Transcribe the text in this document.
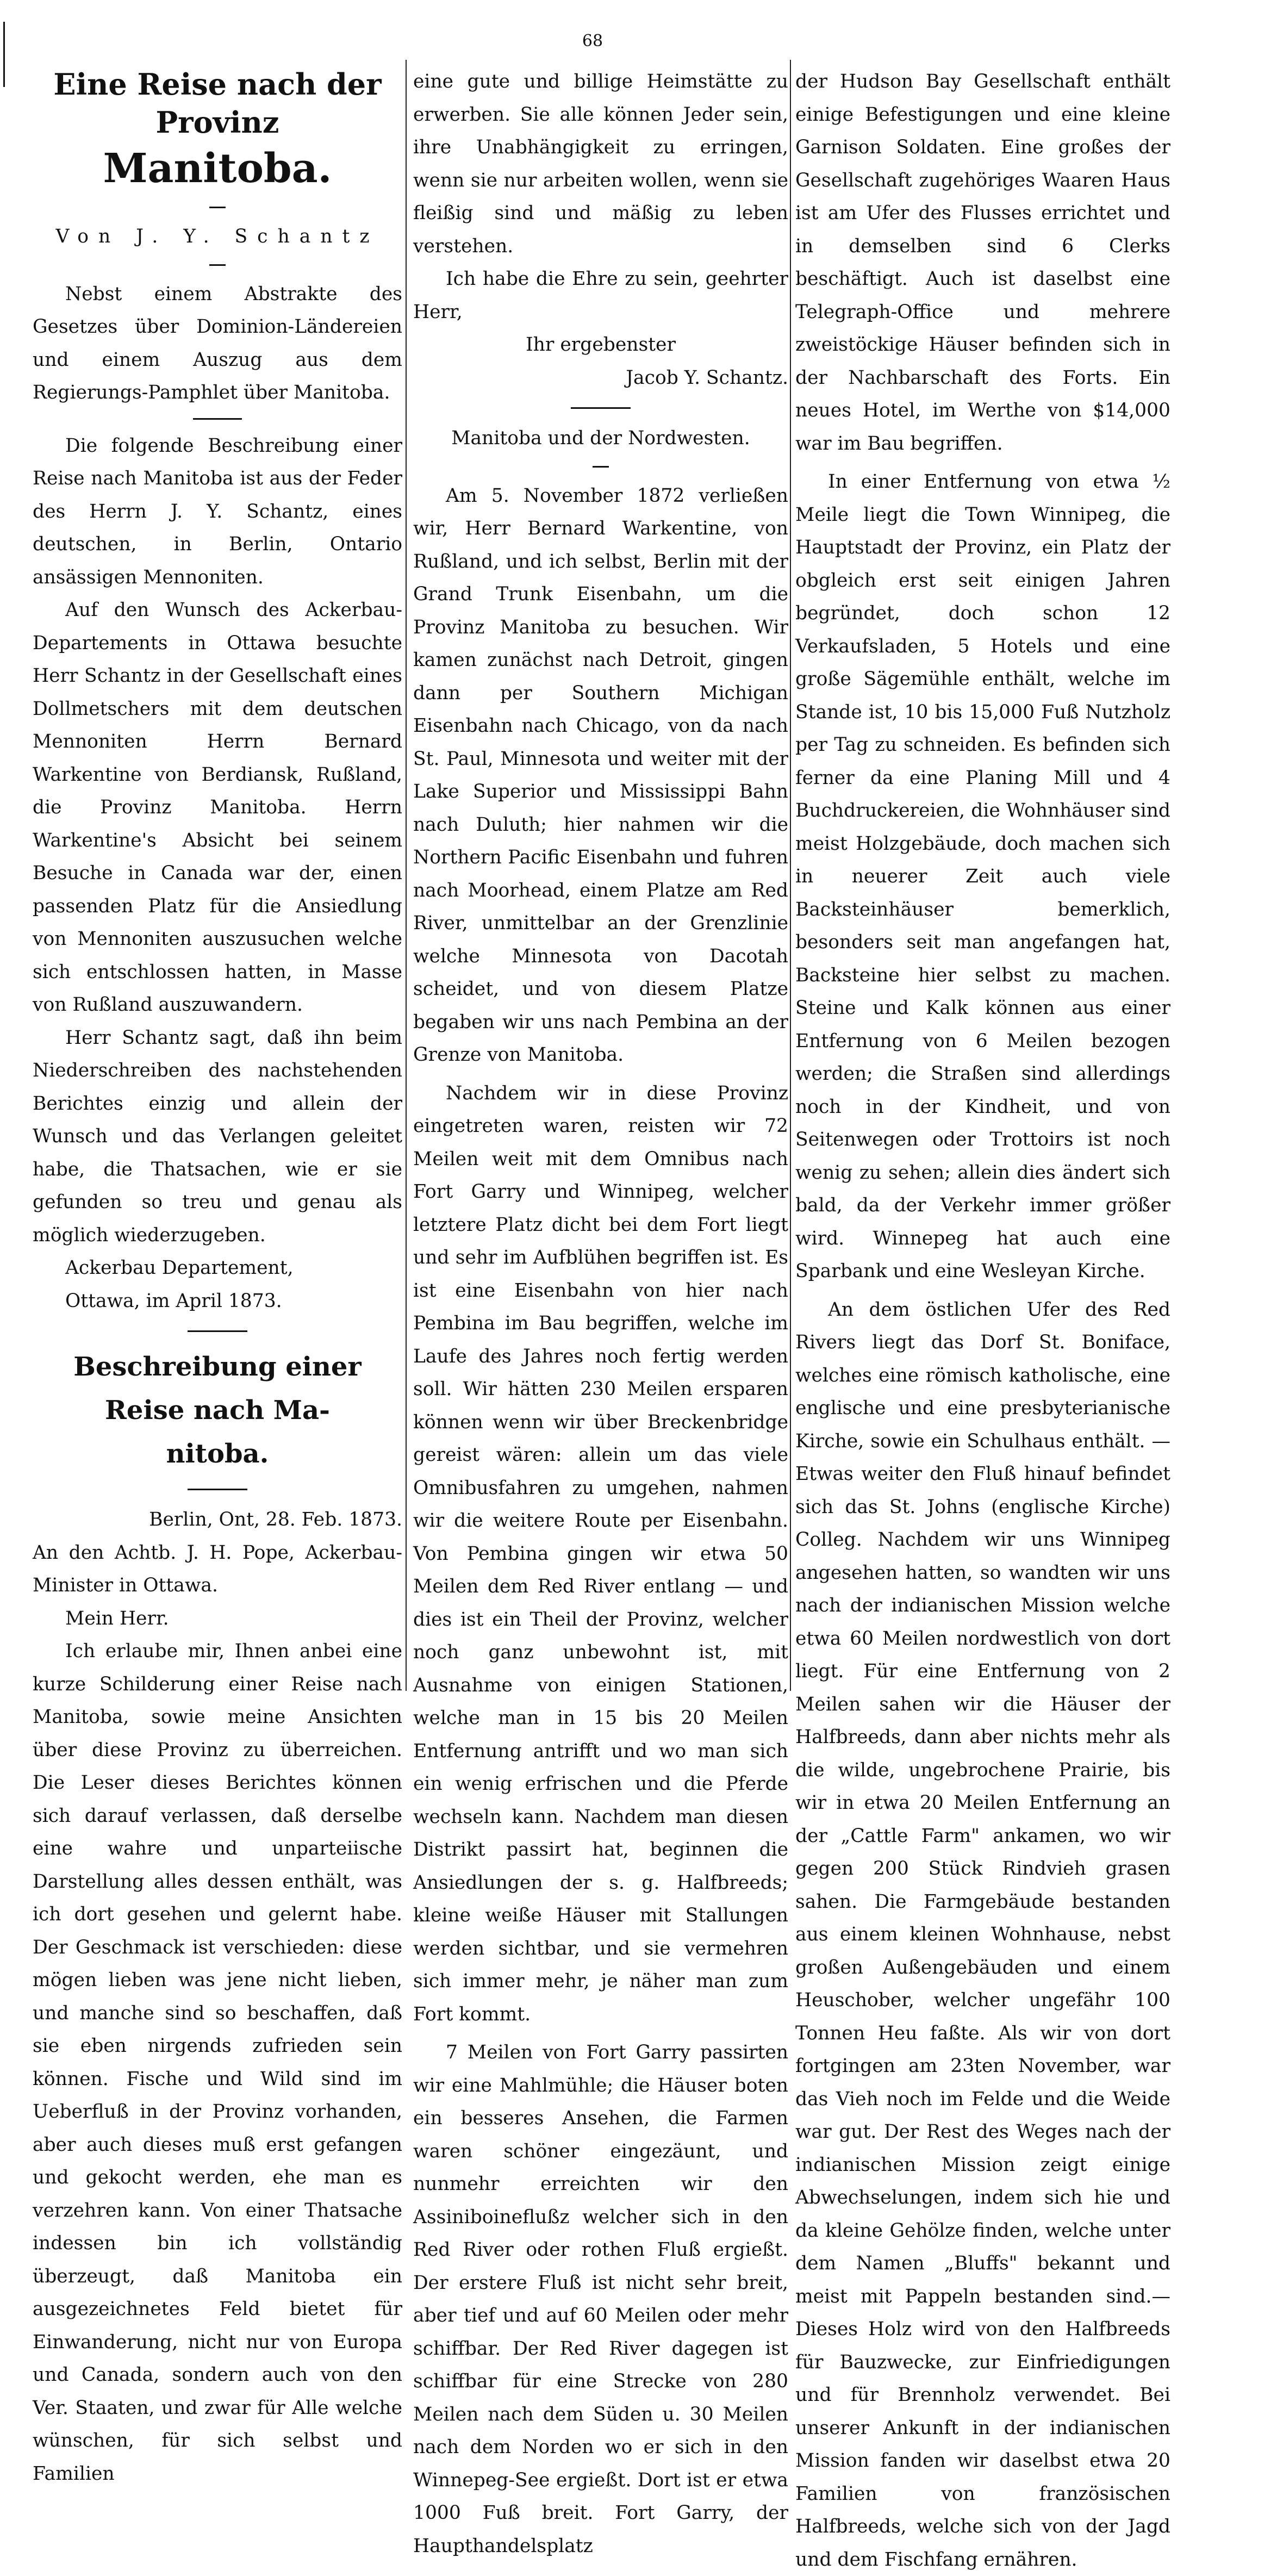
68
Eine Reise nach der Provinz
Manitoba.
Von J. Y. Schantz

Nebst einem Abstrakte des Gesetzes über Dominion-Ländereien und einem Auszug aus dem Regierungs-Pamphlet über Manitoba.

Die folgende Beschreibung einer Reise nach Manitoba ist aus der Feder des Herrn J. Y. Schantz, eines deutschen, in Berlin, Ontario ansässigen Mennoniten.

Auf den Wunsch des Ackerbau-Departements in Ottawa besuchte Herr Schantz in der Gesellschaft eines Dollmetschers mit dem deutschen Mennoniten Herrn Bernard Warkentine von Berdiansk, Rußland, die Provinz Manitoba. Herrn Warkentine's Absicht bei seinem Besuche in Canada war der, einen passenden Platz für die Ansiedlung von Mennoniten auszusuchen welche sich entschlossen hatten, in Masse von Rußland auszuwandern.

Herr Schantz sagt, daß ihn beim Niederschreiben des nachstehenden Berichtes einzig und allein der Wunsch und das Verlangen geleitet habe, die Thatsachen, wie er sie gefunden so treu und genau als möglich wiederzugeben.

Ackerbau Departement,

Ottawa, im April 1873.

Beschreibung einer Reise nach Ma-
nitoba.

Berlin, Ont, 28. Feb. 1873.

An den Achtb. J. H. Pope, Ackerbau-Minister in Ottawa.

Mein Herr.

Ich erlaube mir, Ihnen anbei eine kurze Schilderung einer Reise nach Manitoba, sowie meine Ansichten über diese Provinz zu überreichen. Die Leser dieses Berichtes können sich darauf verlassen, daß derselbe eine wahre und unparteiische Darstellung alles dessen enthält, was ich dort gesehen und gelernt habe. Der Geschmack ist verschieden: diese mögen lieben was jene nicht lieben, und manche sind so beschaffen, daß sie eben nirgends zufrieden sein können. Fische und Wild sind im Ueberfluß in der Provinz vorhanden, aber auch dieses muß erst gefangen und gekocht werden, ehe man es verzehren kann. Von einer Thatsache indessen bin ich vollständig überzeugt, daß Manitoba ein ausgezeichnetes Feld bietet für Einwanderung, nicht nur von Europa und Canada, sondern auch von den Ver. Staaten, und zwar für Alle welche wünschen, für sich selbst und Familien

eine gute und billige Heimstätte zu erwerben. Sie alle können Jeder sein, ihre Unabhängigkeit zu erringen, wenn sie nur arbeiten wollen, wenn sie fleißig sind und mäßig zu leben verstehen.

Ich habe die Ehre zu sein, geehrter Herr,

Ihr ergebenster

Jacob Y. Schantz.

Manitoba und der Nordwesten.

Am 5. November 1872 verließen wir, Herr Bernard Warkentine, von Rußland, und ich selbst, Berlin mit der Grand Trunk Eisenbahn, um die Provinz Manitoba zu besuchen. Wir kamen zunächst nach Detroit, gingen dann per Southern Michigan Eisenbahn nach Chicago, von da nach St. Paul, Minnesota und weiter mit der Lake Superior und Mississippi Bahn nach Duluth; hier nahmen wir die Northern Pacific Eisenbahn und fuhren nach Moorhead, einem Platze am Red River, unmittelbar an der Grenzlinie welche Minnesota von Dacotah scheidet, und von diesem Platze begaben wir uns nach Pembina an der Grenze von Manitoba.

Nachdem wir in diese Provinz eingetreten waren, reisten wir 72 Meilen weit mit dem Omnibus nach Fort Garry und Winnipeg, welcher letztere Platz dicht bei dem Fort liegt und sehr im Aufblühen begriffen ist. Es ist eine Eisenbahn von hier nach Pembina im Bau begriffen, welche im Laufe des Jahres noch fertig werden soll. Wir hätten 230 Meilen ersparen können wenn wir über Breckenbridge gereist wären: allein um das viele Omnibusfahren zu umgehen, nahmen wir die weitere Route per Eisenbahn. Von Pembina gingen wir etwa 50 Meilen dem Red River entlang — und dies ist ein Theil der Provinz, welcher noch ganz unbewohnt ist, mit Ausnahme von einigen Stationen, welche man in 15 bis 20 Meilen Entfernung antrifft und wo man sich ein wenig erfrischen und die Pferde wechseln kann. Nachdem man diesen Distrikt passirt hat, beginnen die Ansiedlungen der s. g. Halfbreeds; kleine weiße Häuser mit Stallungen werden sichtbar, und sie vermehren sich immer mehr, je näher man zum Fort kommt.

7 Meilen von Fort Garry passirten wir eine Mahlmühle; die Häuser boten ein besseres Ansehen, die Farmen waren schöner eingezäunt, und nunmehr erreichten wir den Assiniboineflußz welcher sich in den Red River oder rothen Fluß ergießt. Der erstere Fluß ist nicht sehr breit, aber tief und auf 60 Meilen oder mehr schiffbar. Der Red River dagegen ist schiffbar für eine Strecke von 280 Meilen nach dem Süden u. 30 Meilen nach dem Norden wo er sich in den Winnepeg-See ergießt. Dort ist er etwa 1000 Fuß breit. Fort Garry, der Haupthandelsplatz

der Hudson Bay Gesellschaft enthält einige Befestigungen und eine kleine Garnison Soldaten. Eine großes der Gesellschaft zugehöriges Waaren Haus ist am Ufer des Flusses errichtet und in demselben sind 6 Clerks beschäftigt. Auch ist daselbst eine Telegraph-Office und mehrere zweistöckige Häuser befinden sich in der Nachbarschaft des Forts. Ein neues Hotel, im Werthe von $14,000 war im Bau begriffen.

In einer Entfernung von etwa ½ Meile liegt die Town Winnipeg, die Hauptstadt der Provinz, ein Platz der obgleich erst seit einigen Jahren begründet, doch schon 12 Verkaufsladen, 5 Hotels und eine große Sägemühle enthält, welche im Stande ist, 10 bis 15,000 Fuß Nutzholz per Tag zu schneiden. Es befinden sich ferner da eine Planing Mill und 4 Buchdruckereien, die Wohnhäuser sind meist Holzgebäude, doch machen sich in neuerer Zeit auch viele Backsteinhäuser bemerklich, besonders seit man angefangen hat, Backsteine hier selbst zu machen. Steine und Kalk können aus einer Entfernung von 6 Meilen bezogen werden; die Straßen sind allerdings noch in der Kindheit, und von Seitenwegen oder Trottoirs ist noch wenig zu sehen; allein dies ändert sich bald, da der Verkehr immer größer wird. Winnepeg hat auch eine Sparbank und eine Wesleyan Kirche.

An dem östlichen Ufer des Red Rivers liegt das Dorf St. Boniface, welches eine römisch katholische, eine englische und eine presbyterianische Kirche, sowie ein Schulhaus enthält. — Etwas weiter den Fluß hinauf befindet sich das St. Johns (englische Kirche) Colleg. Nachdem wir uns Winnipeg angesehen hatten, so wandten wir uns nach der indianischen Mission welche etwa 60 Meilen nordwestlich von dort liegt. Für eine Entfernung von 2 Meilen sahen wir die Häuser der Halfbreeds, dann aber nichts mehr als die wilde, ungebrochene Prairie, bis wir in etwa 20 Meilen Entfernung an der „Cattle Farm" ankamen, wo wir gegen 200 Stück Rindvieh grasen sahen. Die Farmgebäude bestanden aus einem kleinen Wohnhause, nebst großen Außengebäuden und einem Heuschober, welcher ungefähr 100 Tonnen Heu faßte. Als wir von dort fortgingen am 23ten November, war das Vieh noch im Felde und die Weide war gut. Der Rest des Weges nach der indianischen Mission zeigt einige Abwechselungen, indem sich hie und da kleine Gehölze finden, welche unter dem Namen „Bluffs" bekannt und meist mit Pappeln bestanden sind.— Dieses Holz wird von den Halfbreeds für Bauzwecke, zur Einfriedigungen und für Brennholz verwendet. Bei unserer Ankunft in der indianischen Mission fanden wir daselbst etwa 20 Familien von französischen Halfbreeds, welche sich von der Jagd und dem Fischfang ernähren.
